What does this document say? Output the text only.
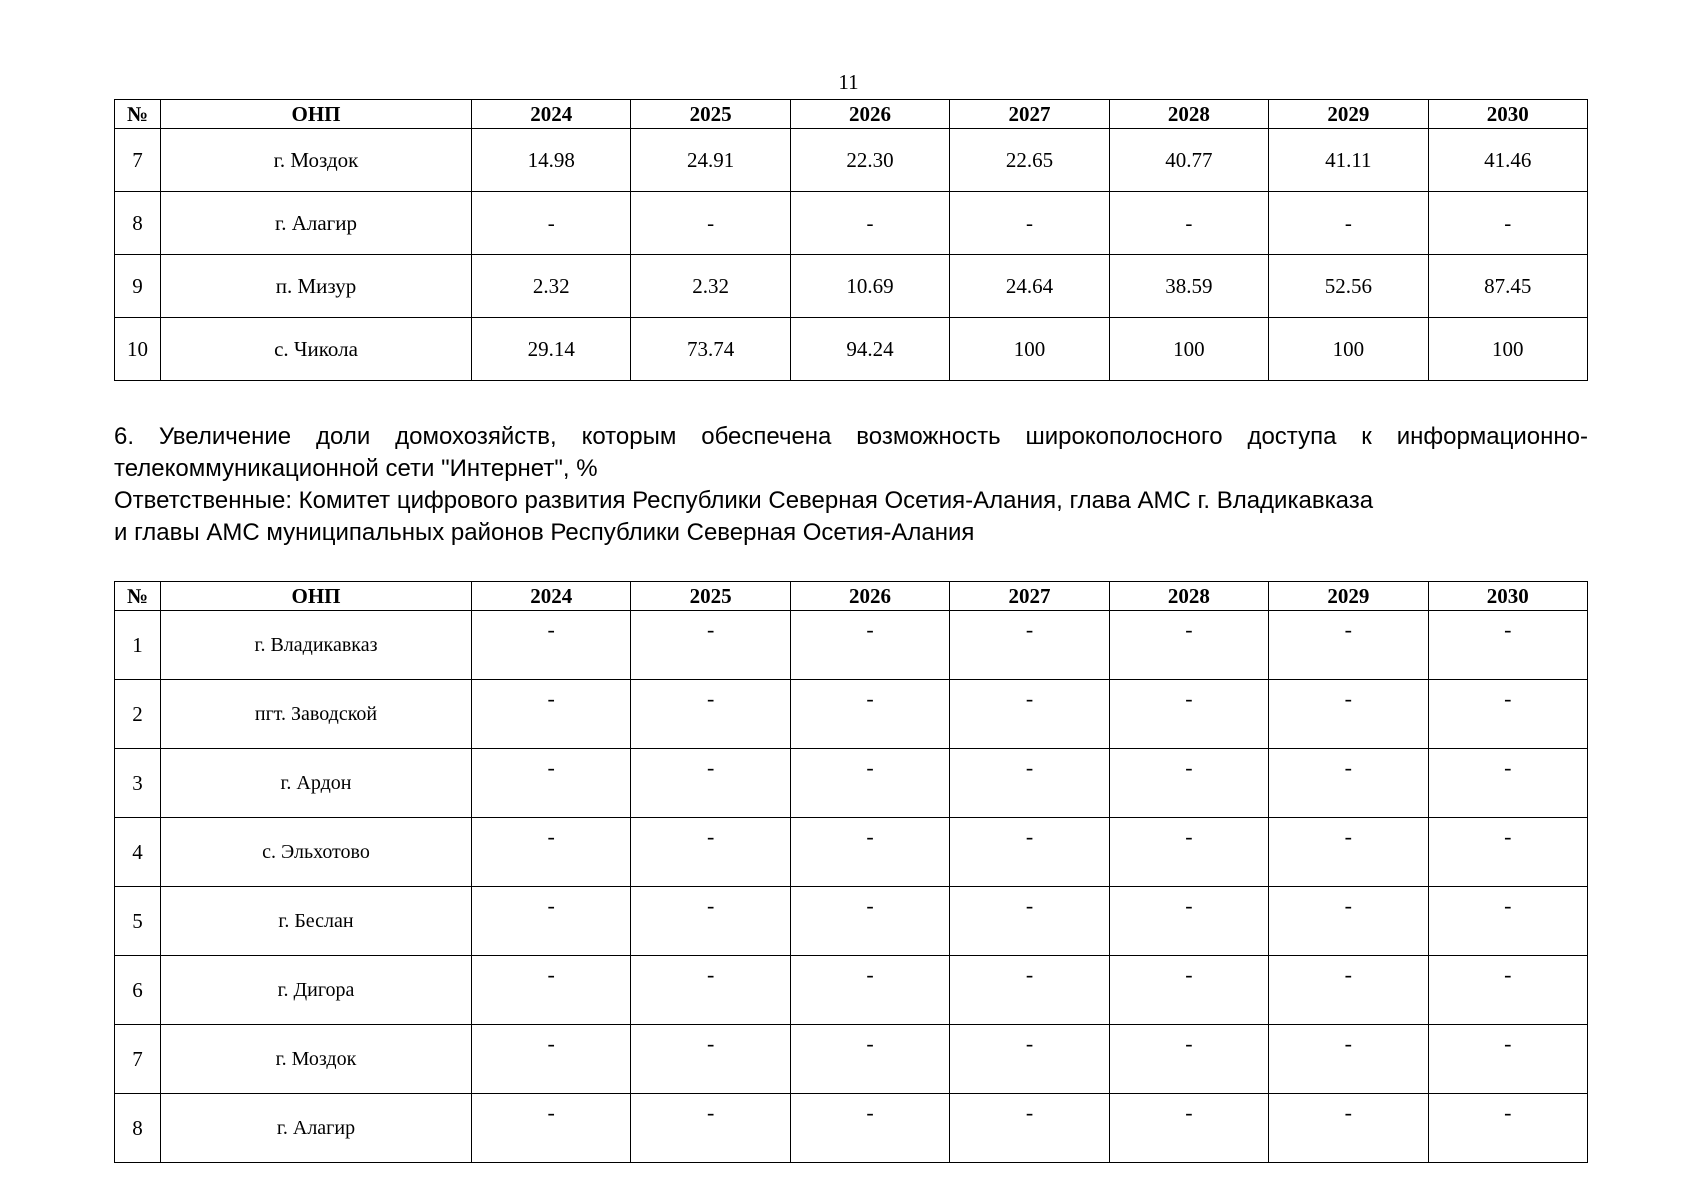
11
№	ОНП	2024	2025	2026	2027	2028	2029	2030
7	г. Моздок	14.98	24.91	22.30	22.65	40.77	41.11	41.46
8	г. Алагир	-	-	-	-	-	-	-
9	п. Мизур	2.32	2.32	10.69	24.64	38.59	52.56	87.45
10	с. Чикола	29.14	73.74	94.24	100	100	100	100
6. Увеличение доли домохозяйств, которым обеспечена возможность широкополосного доступа к информационно-телекоммуникационной сети "Интернет", %
Ответственные: Комитет цифрового развития Республики Северная Осетия-Алания, глава АМС г. Владикавказа
и главы АМС муниципальных районов Республики Северная Осетия-Алания
№	ОНП	2024	2025	2026	2027	2028	2029	2030
1	г. Владикавказ	-	-	-	-	-	-	-
2	пгт. Заводской	-	-	-	-	-	-	-
3	г. Ардон	-	-	-	-	-	-	-
4	с. Эльхотово	-	-	-	-	-	-	-
5	г. Беслан	-	-	-	-	-	-	-
6	г. Дигора	-	-	-	-	-	-	-
7	г. Моздок	-	-	-	-	-	-	-
8	г. Алагир	-	-	-	-	-	-	-
